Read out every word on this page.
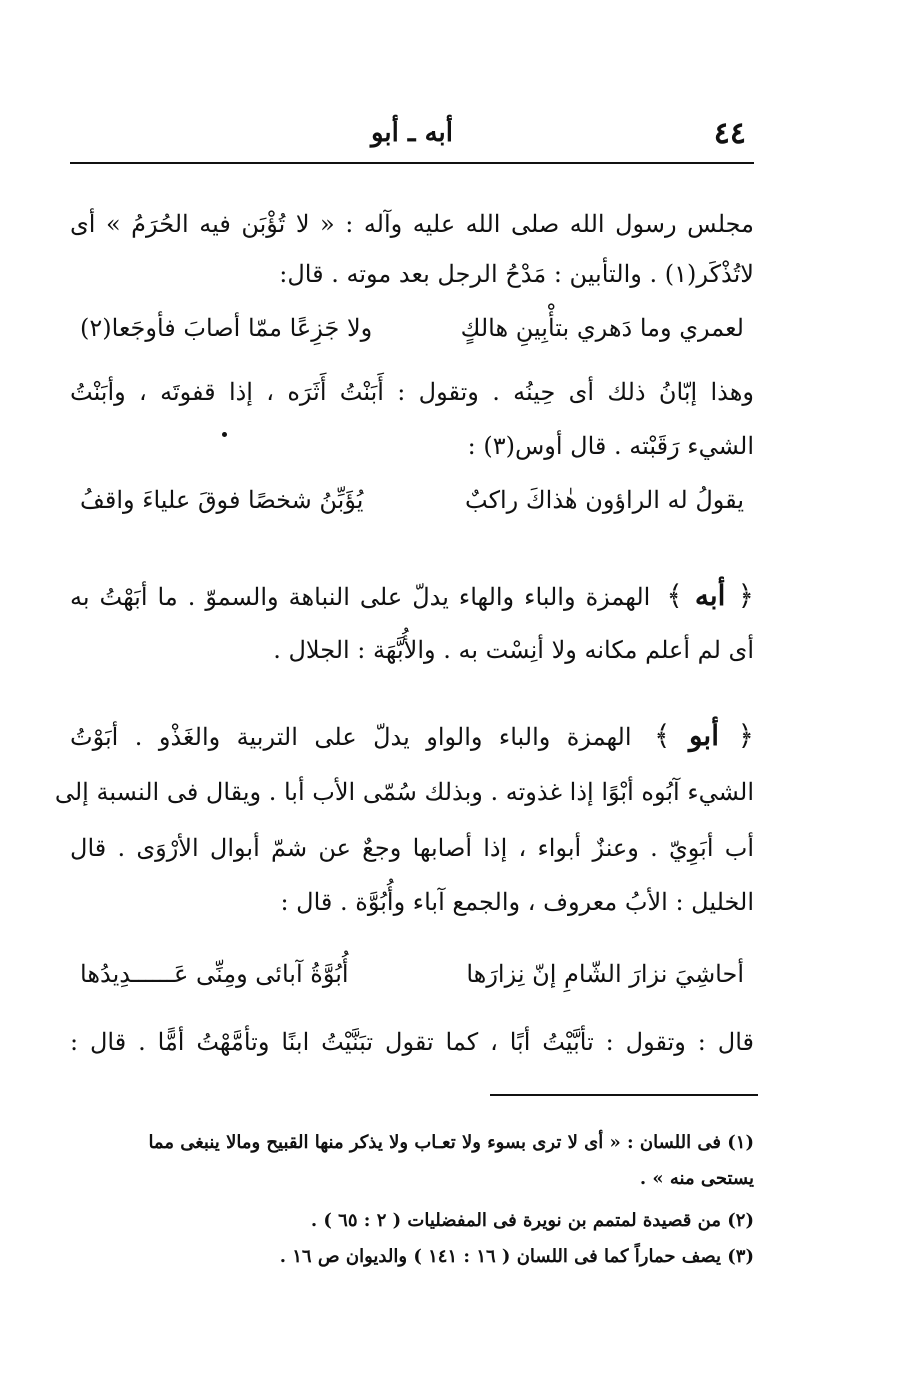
٤٤
أبه ـ أبو
مجلس رسول الله صلى الله عليه وآله : « لا تُؤْبَن فيه الحُرَمُ » أى
لاتُذْكَر(١) . والتأبين : مَدْحُ الرجل بعد موته . قال:
لعمري وما دَهري بتأْبِينِ هالكٍ
ولا جَزِعًا ممّا أصابَ فأوجَعا(٢)
وهذا إبّانُ ذلك أى حِينُه . وتقول : أَبَنْتُ أَثَرَه ، إذا قفوتَه ، وأبَنْتُ
الشيء رَقَبْته . قال أوس(٣) :
يقولُ له الراؤون هٰذاكَ راكبٌ
يُؤَبِّنُ شخصًا فوقَ علياءَ واقفُ
﴿ أبه ﴾ الهمزة والباء والهاء يدلّ على النباهة والسموّ . ما أبَهْتُ به
أى لم أعلم مكانه ولا أنِسْت به . والأُبَّهَة : الجلال .
﴿ أبو ﴾ الهمزة والباء والواو يدلّ على التربية والغَذْو . أبَوْتُ
الشيء آبُوه أبْوًا إذا غذوته . وبذلك سُمّى الأب أبا . ويقال فى النسبة إلى
أب أبَوِيّ . وعنزٌ أبواء ، إذا أصابها وجعٌ عن شمّ أبوال الأرْوَى . قال
الخليل : الأبُ معروف ، والجمع آباء وأُبُوَّة . قال :
أحاشِيَ نزارَ الشّامِ إنّ نِزارَها
أُبُوَّةُ آبائى ومِنِّى عَــــــدِيدُها
قال : وتقول : تأبَّيْتُ أبًا ، كما تقول تبَنَّيْتُ ابنًا وتأمَّهْتُ أمًّا . قال :
(١) فى اللسان : « أى لا ترى بسوء ولا تعـاب ولا يذكر منها القبيح ومالا ينبغى مما
يستحى منه » .
(٢) من قصيدة لمتمم بن نويرة فى المفضليات ( ٢ : ٦٥ ) .
(٣) يصف حماراً كما فى اللسان ( ١٦ : ١٤١ ) والديوان ص ١٦ .
